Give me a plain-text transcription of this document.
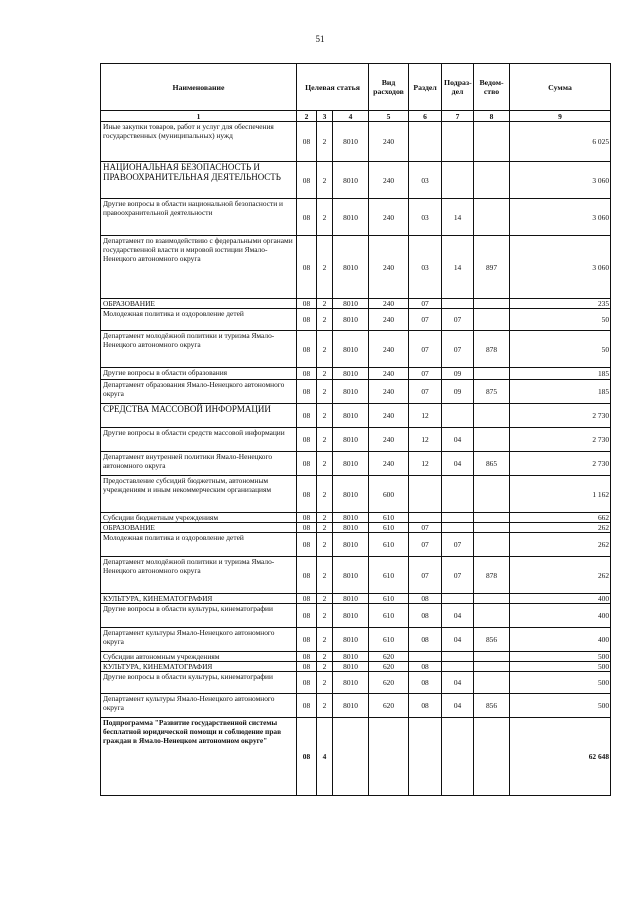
51
Наименование	Целевая статья			Вид расходов	Раздел	Подраз-дел	Ведом-ство	Сумма
1	2	3	4	5	6	7	8	9
Иные закупки товаров, работ и услуг для обеспечения государственных (муниципальных) нужд	08	2	8010	240				6 025
НАЦИОНАЛЬНАЯ БЕЗОПАСНОСТЬ И ПРАВООХРАНИТЕЛЬНАЯ ДЕЯТЕЛЬНОСТЬ	08	2	8010	240	03			3 060
Другие вопросы в области национальной безопасности и правоохранительной деятельности	08	2	8010	240	03	14		3 060
Департамент по взаимодействию с федеральными органами государственной власти и мировой юстиции Ямало-Ненецкого автономного округа	08	2	8010	240	03	14	897	3 060
ОБРАЗОВАНИЕ	08	2	8010	240	07			235
Молодежная политика и оздоровление детей	08	2	8010	240	07	07		50
Департамент молодёжной политики и туризма Ямало-Ненецкого автономного округа	08	2	8010	240	07	07	878	50
Другие вопросы в области образования	08	2	8010	240	07	09		185
Департамент образования Ямало-Ненецкого автономного округа	08	2	8010	240	07	09	875	185
СРЕДСТВА МАССОВОЙ ИНФОРМАЦИИ	08	2	8010	240	12			2 730
Другие вопросы в области средств массовой информации	08	2	8010	240	12	04		2 730
Департамент внутренней политики Ямало-Ненецкого автономного округа	08	2	8010	240	12	04	865	2 730
Предоставление субсидий бюджетным, автономным учреждениям и иным некоммерческим организациям	08	2	8010	600				1 162
Субсидии бюджетным учреждениям	08	2	8010	610				662
ОБРАЗОВАНИЕ	08	2	8010	610	07			262
Молодежная политика и оздоровление детей	08	2	8010	610	07	07		262
Департамент молодёжной политики и туризма Ямало-Ненецкого автономного округа	08	2	8010	610	07	07	878	262
КУЛЬТУРА, КИНЕМАТОГРАФИЯ	08	2	8010	610	08			400
Другие вопросы в области культуры, кинематографии	08	2	8010	610	08	04		400
Департамент культуры Ямало-Ненецкого автономного округа	08	2	8010	610	08	04	856	400
Субсидии автономным учреждениям	08	2	8010	620				500
КУЛЬТУРА, КИНЕМАТОГРАФИЯ	08	2	8010	620	08			500
Другие вопросы в области культуры, кинематографии	08	2	8010	620	08	04		500
Департамент культуры Ямало-Ненецкого автономного округа	08	2	8010	620	08	04	856	500
Подпрограмма "Развитие государственной системы бесплатной юридической помощи и соблюдение прав граждан в Ямало-Ненецком автономном округе"	08	4						62 648
